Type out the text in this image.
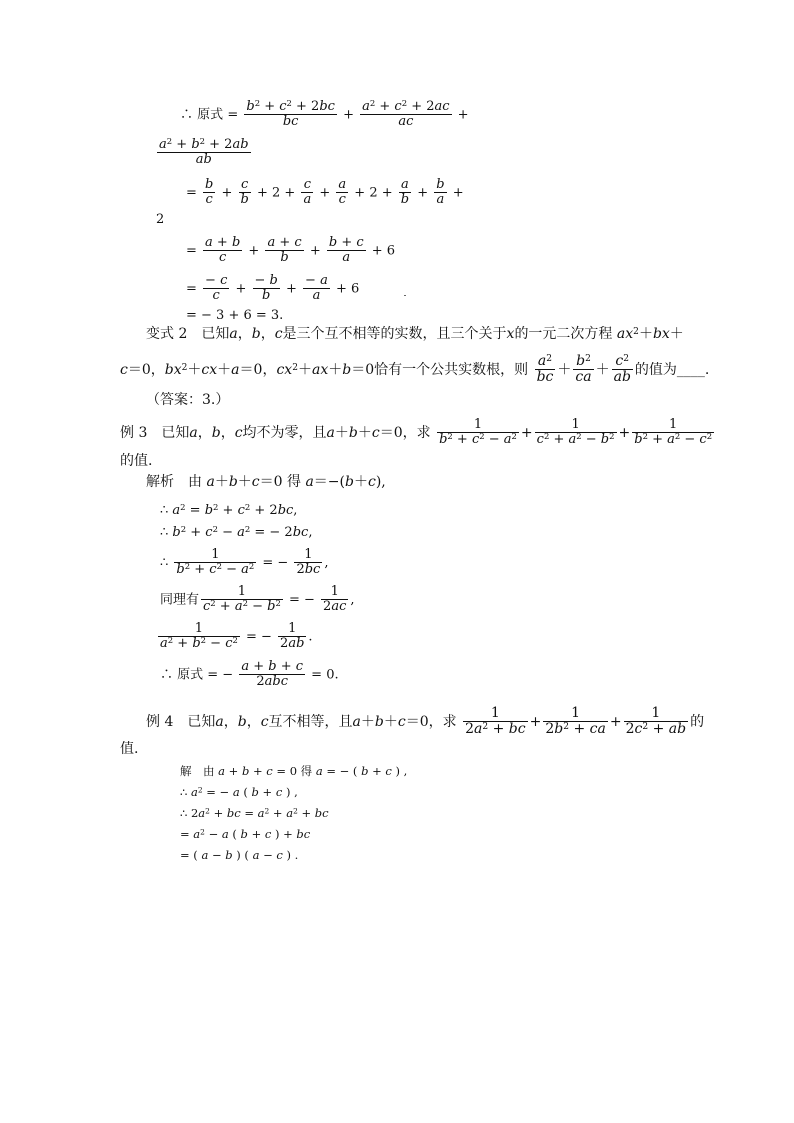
∴ 原式 = $\frac{b^2 + c^2 + 2bc}{bc} + \frac{a^2 + c^2 + 2ac}{ac}$ +
$\frac{a^2 + b^2 + 2ab}{ab}$
= $\frac{b}{c} + \frac{c}{b} + 2 + \frac{c}{a} + \frac{a}{c} + 2 + \frac{a}{b} + \frac{b}{a}$ +
2
= $\frac{a + b}{c} + \frac{a + c}{b} + \frac{b + c}{a} + 6$
= $\frac{- c}{c} + \frac{- b}{b} + \frac{- a}{a} + 6$
= − 3 + 6 = 3.
变式 2　已知a，b，c是三个互不相等的实数，且三个关于x的一元二次方程 $ax^2+bx+$
c＝0，$bx^2+cx+a=0$，$cx^2+ax+b=0$恰有一个公共实数根，则 $\frac{a^2}{bc} + \frac{b^2}{ca} + \frac{c^2}{ab}$ 的值为____.
（答案：3.）
例 3　已知a，b，c均不为零，且a＋b＋c＝0，求 $\frac{1}{b^2 + c^2 - a^2} + \frac{1}{c^2 + a^2 - b^2} + \frac{1}{b^2 + a^2 - c^2}$
的值.
解析　由 a＋b＋c＝0 得 a＝−(b＋c),
∴ $a^2 = b^2 + c^2 + 2bc$,
∴ $b^2 + c^2 - a^2$ = − 2bc,
∴ $\frac{1}{b^2 + c^2 - a^2}$ = − $\frac{1}{2bc}$ ,
同理有 $\frac{1}{c^2 + a^2 - b^2}$ = − $\frac{1}{2ac}$ ,
$\frac{1}{a^2 + b^2 - c^2}$ = − $\frac{1}{2ab}$ .
∴ 原式 = − $\frac{a + b + c}{\text{2abc}} = 0$.
例 4　已知a，b，c互不相等，且a＋b＋c＝0，求 $\frac{1}{2a^2 + bc} + \frac{1}{2b^2 + ca} + \frac{1}{2c^2 + ab}$ 的
值.
解　由 a + b + c = 0 得 a = − ( b + c ) ,
∴ $a^2$ = − a ( b + c ) ,
∴ $2a^2$ + bc = $a^2 + a^2$ + bc
= $a^2 - a$ ( b + c ) + bc
= ( a − b ) ( a − c ) .
